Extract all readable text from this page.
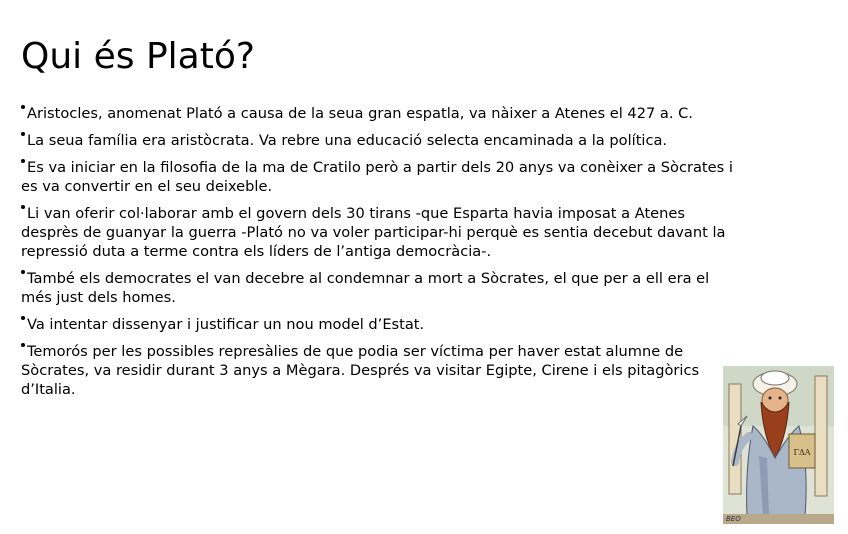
Qui és Plató?
Aristocles, anomenat Plató a causa de la seua gran espatla, va nàixer a Atenes el 427 a. C.
La seua família era aristòcrata. Va rebre una educació selecta encaminada a la política.
Es va iniciar en la filosofia de la ma de Cratilo però a partir dels 20 anys va conèixer a Sòcrates i
es va convertir en el seu deixeble.
Li van oferir col·laborar amb el govern dels 30 tirans -que Esparta havia imposat a Atenes
desprès de guanyar la guerra -Plató no va voler participar-hi perquè es sentia decebut davant la
repressió duta a terme contra els líders de l’antiga democràcia-.
També els democrates el van decebre al condemnar a mort a Sòcrates, el que per a ell era el
més just dels homes.
Va intentar dissenyar i justificar un nou model d’Estat.
Temorós per les possibles represàlies de que podia ser víctima per haver estat alumne de
Sòcrates, va residir durant 3 anys a Mègara. Després va visitar Egipte, Cirene i els pitagòrics
d’Italia.
ΓΔΑ
BEO
